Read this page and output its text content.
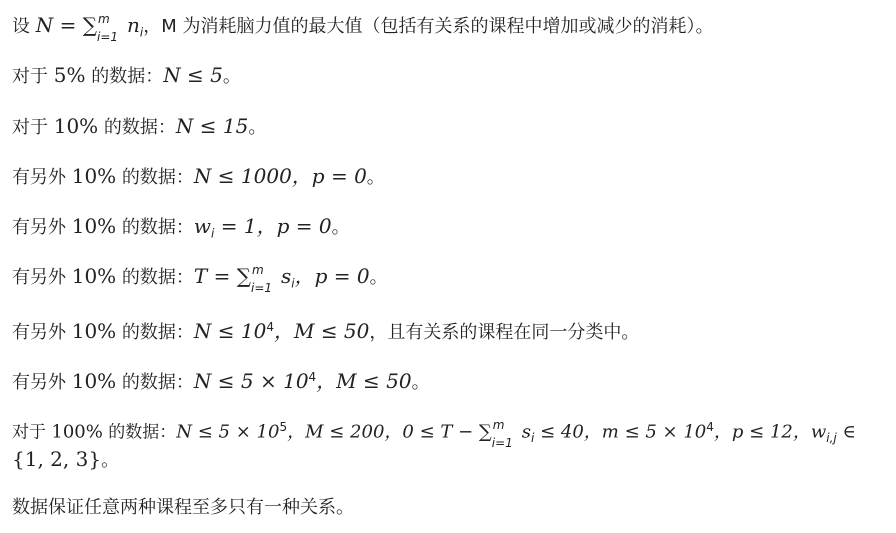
设 N = ∑ m
i=1 $n_i$，M 为消耗脑力值的最大值（包括有关系的课程中增加或减少的消耗）。
对于 5% 的数据：N ≤ 5。
对于 10% 的数据：N ≤ 15。
有另外 10% 的数据：N ≤ 1000，p = 0。
有另外 10% 的数据：$w_i = 1$，p = 0。
有另外 10% 的数据：T = ∑ m
i=1 $s_i$，p = 0。
有另外 10% 的数据：$N \le 10^4$，M ≤ 50，且有关系的课程在同一分类中。
有另外 10% 的数据：$N \le 5 \times 10^4$，M ≤ 50。
对于 100% 的数据：$N \le 5 \times 10^5$，M ≤ 200，0 ≤ T − ∑ m
i=1 $s_i \le 40$，$m \le 5 \times 10^4$，p ≤ 12，$w_{i,j}$ ∈
{1, 2, 3}。
数据保证任意两种课程至多只有一种关系。
